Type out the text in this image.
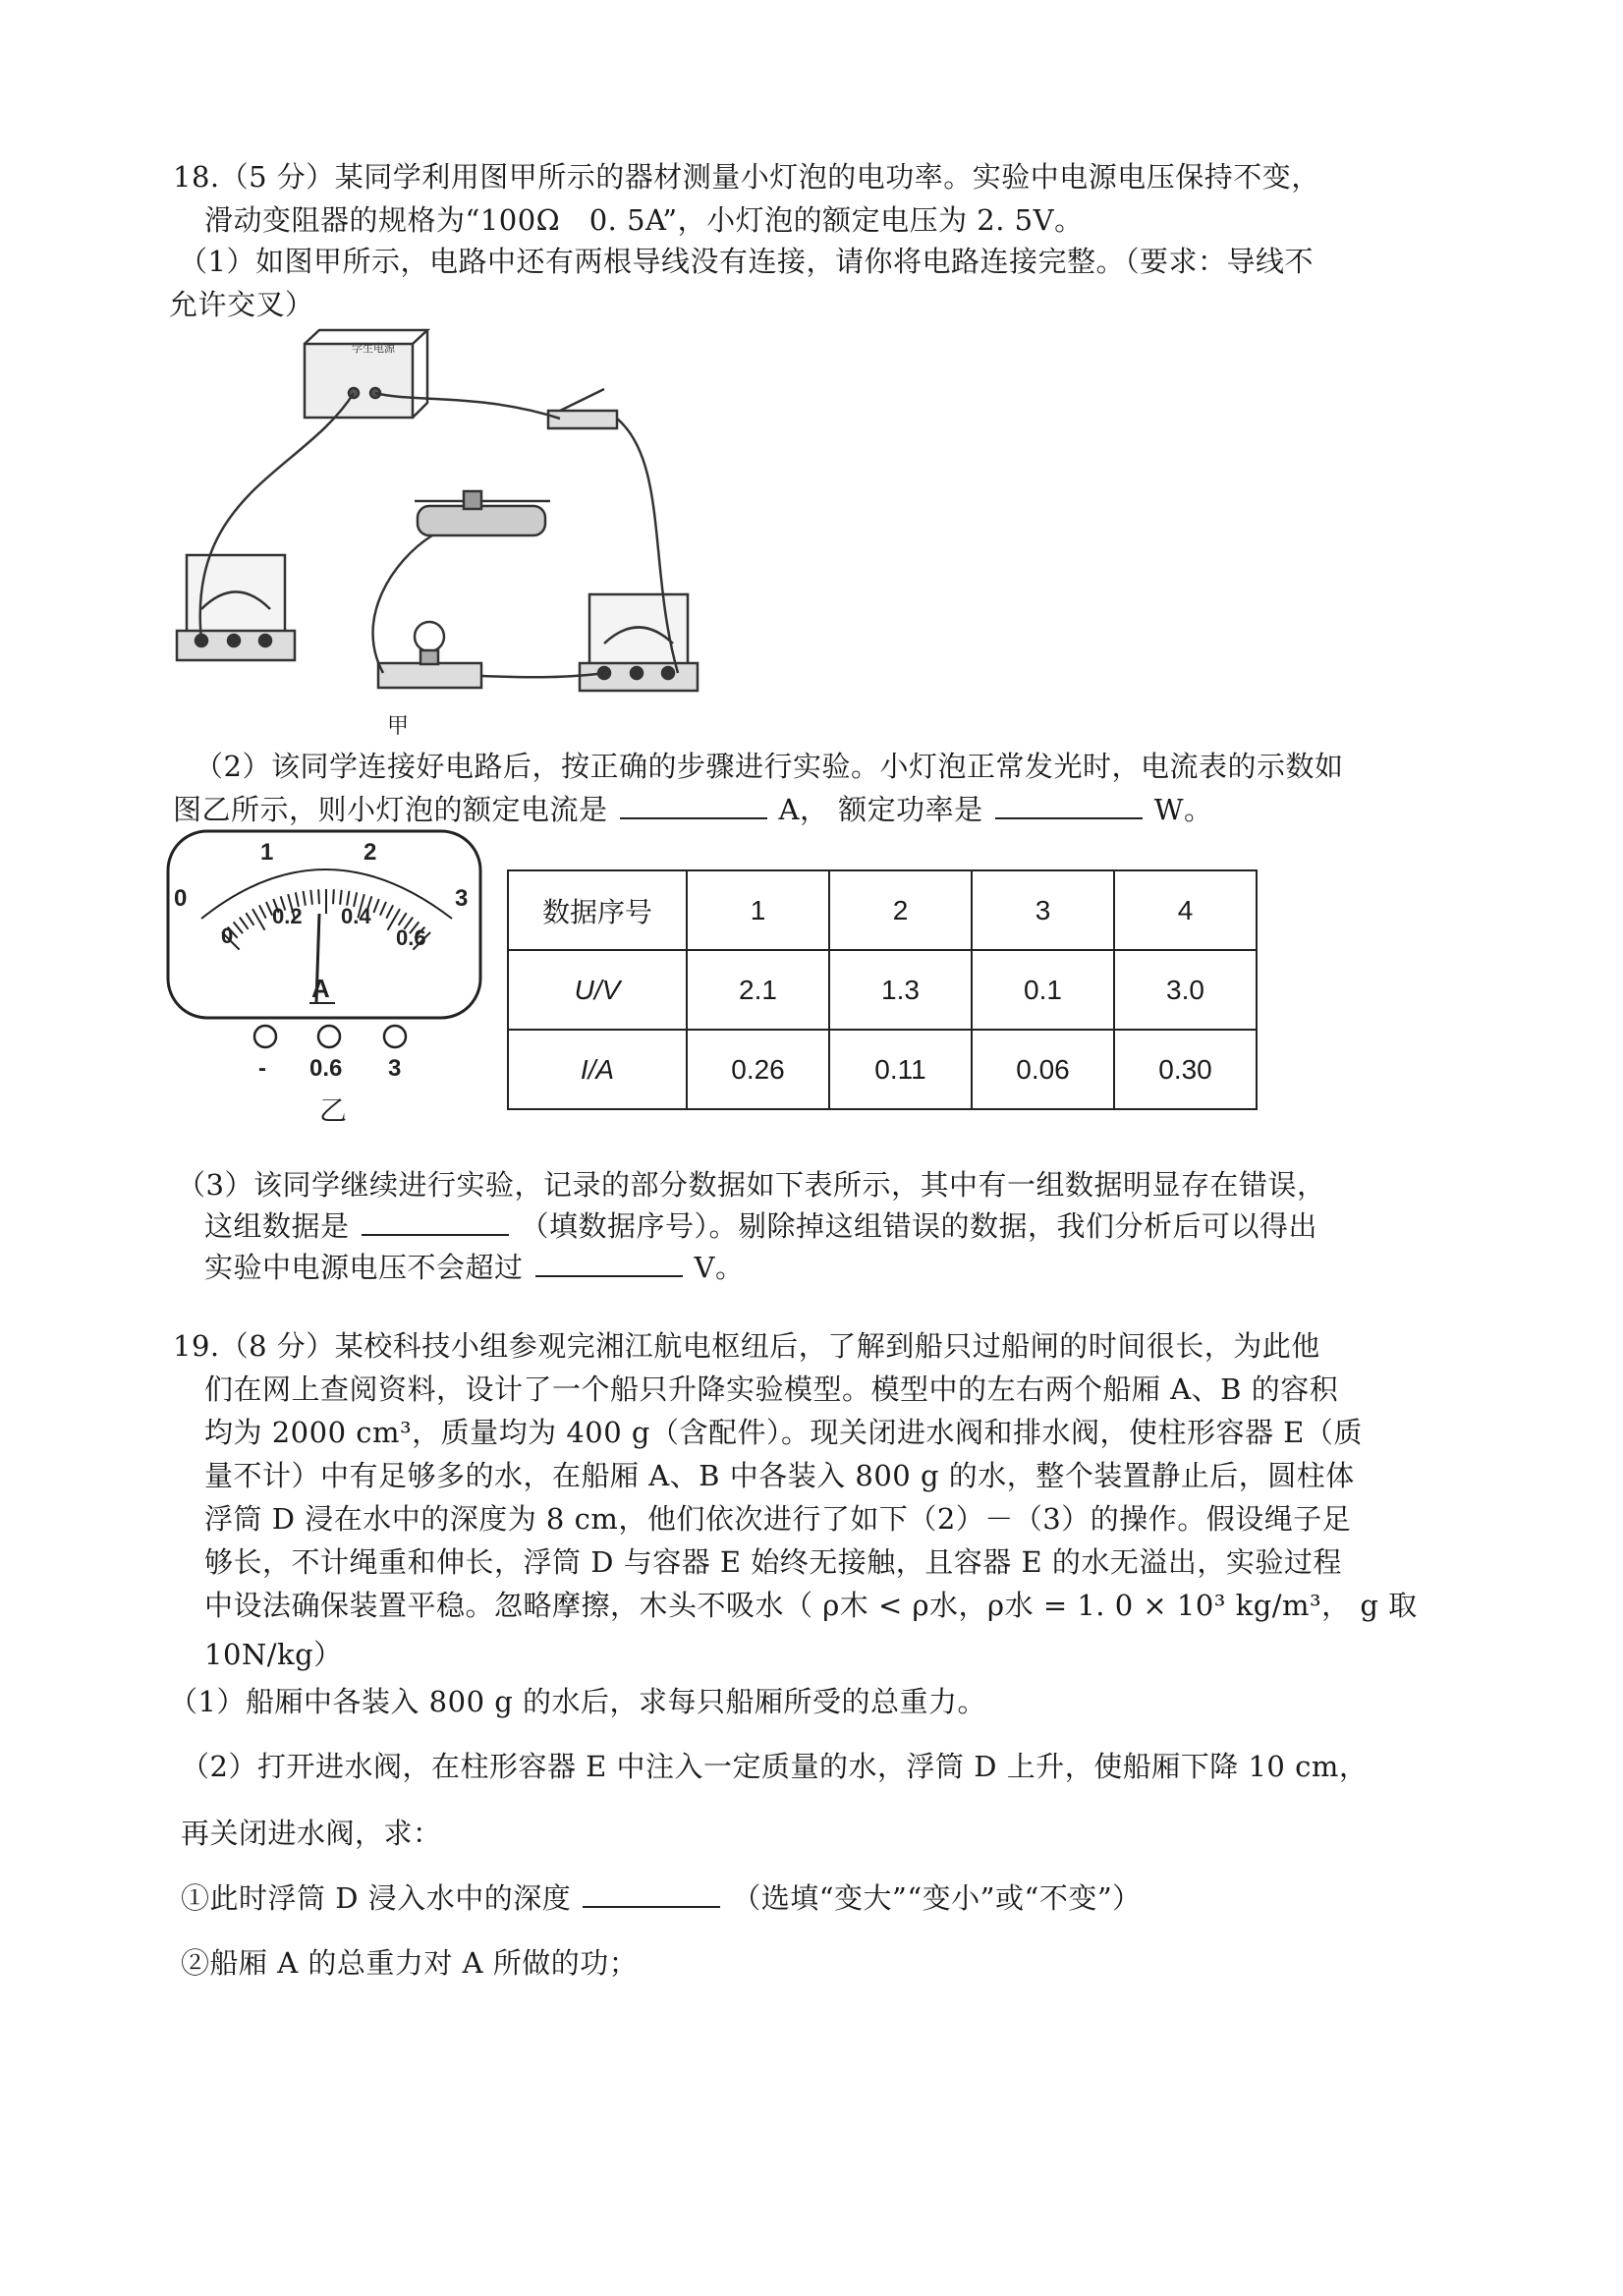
18.（5 分）某同学利用图甲所示的器材测量小灯泡的电功率。实验中电源电压保持不变，
滑动变阻器的规格为“100Ω　0. 5A”，小灯泡的额定电压为 2. 5V。
（1）如图甲所示，电路中还有两根导线没有连接，请你将电路连接完整。（要求：导线不
允许交叉）
学生电源
甲
（2）该同学连接好电路后，按正确的步骤进行实验。小灯泡正常发光时，电流表的示数如
图乙所示，则小灯泡的额定电流是	A， 额定功率是	W。
0
1	2
3
0
0.2 0.4
0.6
A
- 0.6 3
乙
数据序号	1	2	3	4
U/V	2.1	1.3	0.1	3.0
I/A	0.26	0.11	0.06	0.30
（3）该同学继续进行实验，记录的部分数据如下表所示，其中有一组数据明显存在错误，
这组数据是	（填数据序号）。剔除掉这组错误的数据，我们分析后可以得出
实验中电源电压不会超过	V。
19.（8 分）某校科技小组参观完湘江航电枢纽后，了解到船只过船闸的时间很长，为此他
们在网上查阅资料，设计了一个船只升降实验模型。模型中的左右两个船厢 A、B 的容积
均为 2000 cm³，质量均为 400 g（含配件）。现关闭进水阀和排水阀，使柱形容器 E（质
量不计）中有足够多的水，在船厢 A、B 中各装入 800 g 的水，整个装置静止后，圆柱体
浮筒 D 浸在水中的深度为 8 cm，他们依次进行了如下（2）－（3）的操作。假设绳子足
够长，不计绳重和伸长，浮筒 D 与容器 E 始终无接触，且容器 E 的水无溢出，实验过程
中设法确保装置平稳。忽略摩擦，木头不吸水（ ρ木 < ρ水，ρ水 = 1. 0 × 10³ kg/m³， g 取
10N/kg）
（1）船厢中各装入 800 g 的水后，求每只船厢所受的总重力。
（2）打开进水阀，在柱形容器 E 中注入一定质量的水，浮筒 D 上升，使船厢下降 10 cm，
再关闭进水阀，求：
①此时浮筒 D 浸入水中的深度	（选填“变大”“变小”或“不变”）
②船厢 A 的总重力对 A 所做的功；
